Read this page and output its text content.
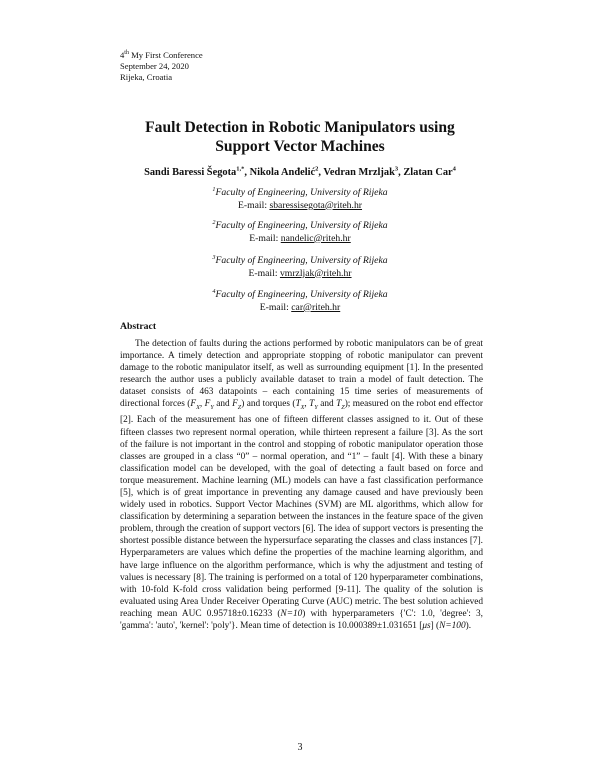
4th My First Conference
September 24, 2020
Rijeka, Croatia
Fault Detection in Robotic Manipulators using
Support Vector Machines
Sandi Baressi Šegota$^{1,*}$, Nikola Anđelić$^2$, Vedran Mrzljak$^3$, Zlatan Car$^4$
$^1$Faculty of Engineering, University of Rijeka
E-mail: sbaressisegota@riteh.hr
$^2$Faculty of Engineering, University of Rijeka
E-mail: nandelic@riteh.hr
$^3$Faculty of Engineering, University of Rijeka
E-mail: vmrzljak@riteh.hr
$^4$Faculty of Engineering, University of Rijeka
E-mail: car@riteh.hr
Abstract

The detection of faults during the actions performed by robotic manipulators can be of great importance. A timely detection and appropriate stopping of robotic manipulator can prevent damage to the robotic manipulator itself, as well as surrounding equipment [1]. In the presented research the author uses a publicly available dataset to train a model of fault detection. The dataset consists of 463 datapoints – each containing 15 time series of measurements of directional forces ($F_X$, $F_Y$ and $F_Z$) and torques ($T_X$, $T_Y$ and $T_Z$); measured on the robot end effector [2]. Each of the measurement has one of fifteen different classes assigned to it. Out of these fifteen classes two represent normal operation, while thirteen represent a failure [3]. As the sort of the failure is not important in the control and stopping of robotic manipulator operation those classes are grouped in a class “0” – normal operation, and “1” – fault [4]. With these a binary classification model can be developed, with the goal of detecting a fault based on force and torque measurement. Machine learning (ML) models can have a fast classification performance [5], which is of great importance in preventing any damage caused and have previously been widely used in robotics. Support Vector Machines (SVM) are ML algorithms, which allow for classification by determining a separation between the instances in the feature space of the given problem, through the creation of support vectors [6]. The idea of support vectors is presenting the shortest possible distance between the hypersurface separating the classes and class instances [7]. Hyperparameters are values which define the properties of the machine learning algorithm, and have large influence on the algorithm performance, which is why the adjustment and testing of values is necessary [8]. The training is performed on a total of 120 hyperparameter combinations, with 10-fold K-fold cross validation being performed [9-11]. The quality of the solution is evaluated using Area Under Receiver Operating Curve (AUC) metric. The best solution achieved reaching mean AUC 0.95718±0.16233 (N=10) with hyperparameters {'C': 1.0, 'degree': 3, 'gamma': 'auto', 'kernel': 'poly'}. Mean time of detection is 10.000389±1.031651 [μs] (N=100).

3
